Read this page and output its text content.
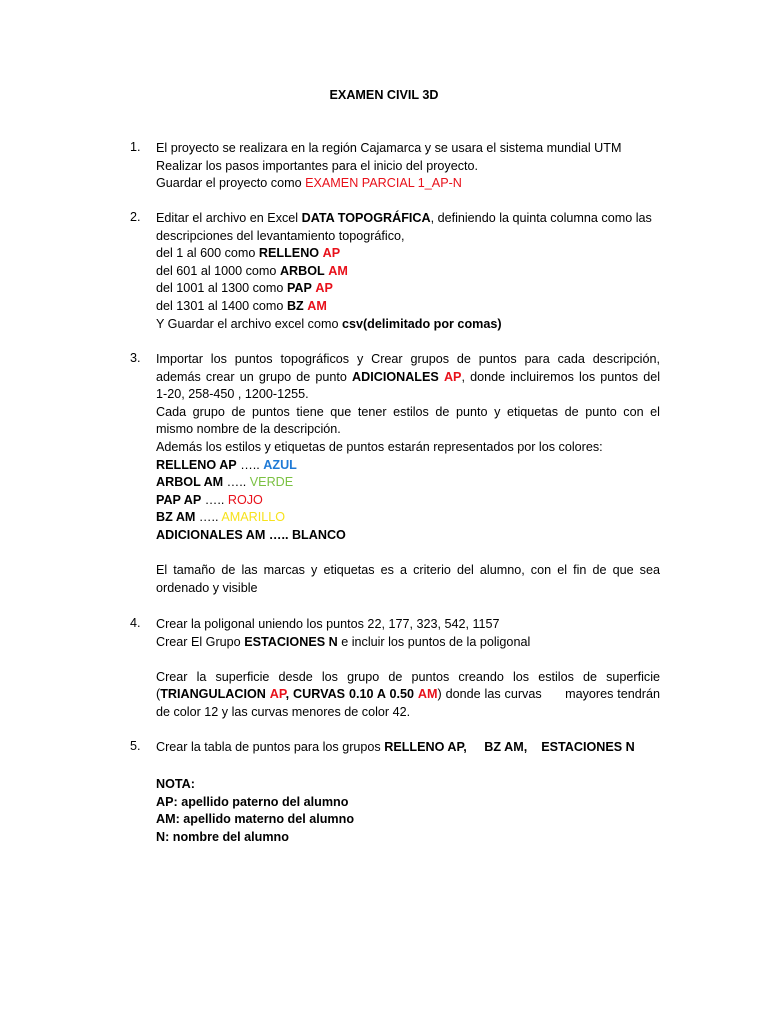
EXAMEN CIVIL 3D
1.	El proyecto se realizara en la región Cajamarca y se usara el sistema mundial UTM
Realizar los pasos importantes para el inicio del proyecto.
Guardar el proyecto como EXAMEN PARCIAL 1_AP-N
2.	Editar el archivo en Excel DATA TOPOGRÁFICA, definiendo la quinta columna como las
descripciones del levantamiento topográfico,
del 1 al 600 como RELLENO AP
del 601 al 1000 como ARBOL AM
del 1001 al 1300 como PAP AP
del 1301 al 1400 como BZ AM
Y Guardar el archivo excel como csv(delimitado por comas)
3.	Importar los puntos topográficos y Crear grupos de puntos para cada descripción,
además crear un grupo de punto ADICIONALES AP, donde incluiremos los puntos del
1-20, 258-450 , 1200-1255.
Cada grupo de puntos tiene que tener estilos de punto y etiquetas de punto con el
mismo nombre de la descripción.
Además los estilos y etiquetas de puntos estarán representados por los colores:
RELLENO AP ….. AZUL
ARBOL AM ….. VERDE
PAP AP ….. ROJO
BZ AM ….. AMARILLO
ADICIONALES AM ….. BLANCO
El tamaño de las marcas y etiquetas es a criterio del alumno, con el fin de que sea
ordenado y visible
4.	Crear la poligonal uniendo los puntos 22, 177, 323, 542, 1157
Crear El Grupo ESTACIONES N e incluir los puntos de la poligonal
Crear la superficie desde los grupo de puntos creando los estilos de superficie
(TRIANGULACION AP, CURVAS 0.10 A 0.50 AM) donde las curvas      mayores tendrán
de color 12 y las curvas menores de color 42.
5.	Crear la tabla de puntos para los grupos RELLENO AP,     BZ AM,    ESTACIONES N
NOTA:
AP: apellido paterno del alumno
AM: apellido materno del alumno
N: nombre del alumno
